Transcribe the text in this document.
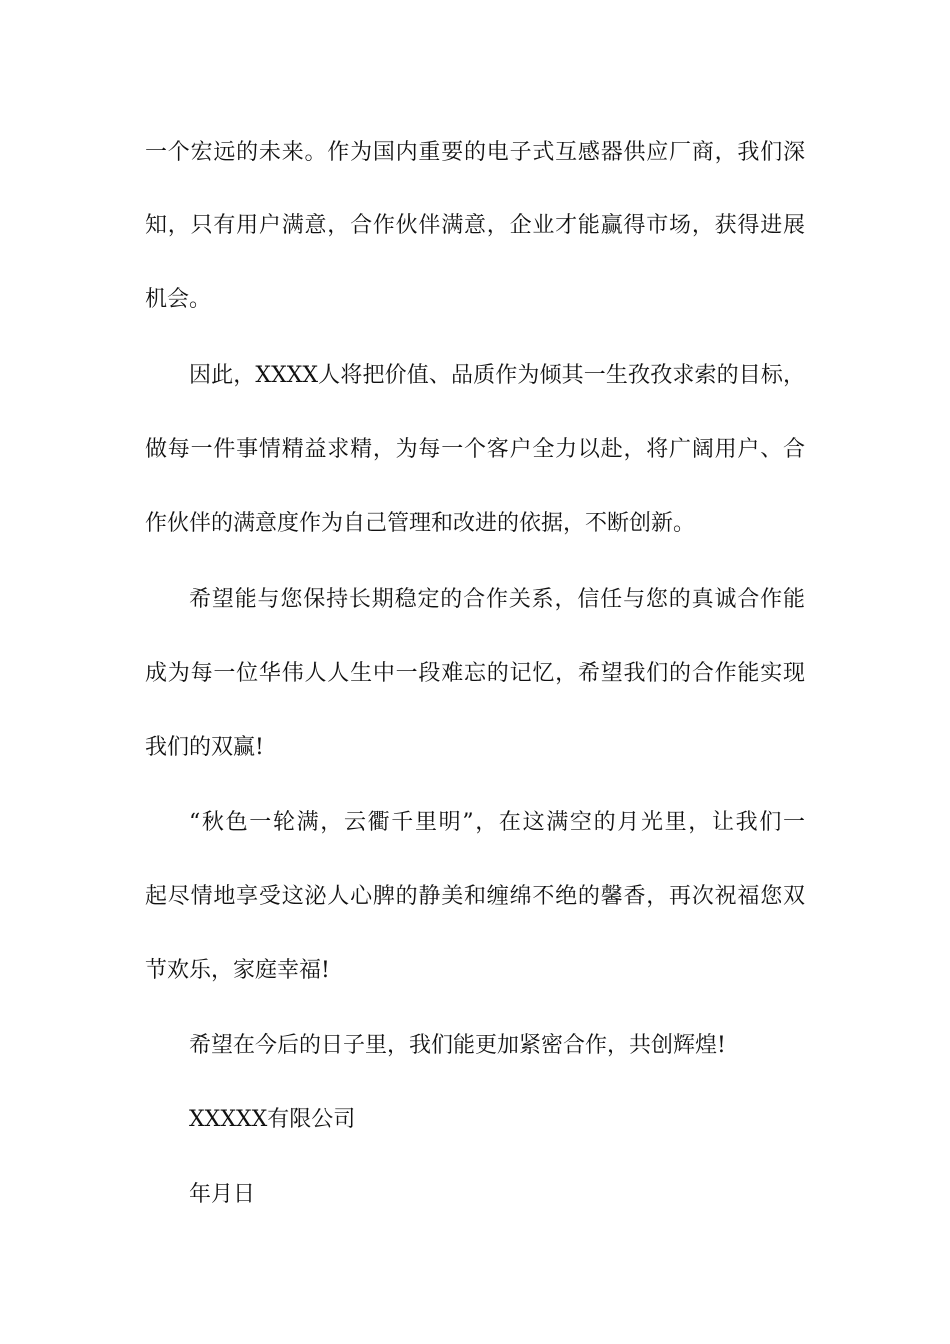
一个宏远的未来。作为国内重要的电子式互感器供应厂商，我们深
知，只有用户满意，合作伙伴满意，企业才能赢得市场，获得进展
机会。
因此，XXXX人将把价值、品质作为倾其一生孜孜求索的目标，
做每一件事情精益求精，为每一个客户全力以赴，将广阔用户、合
作伙伴的满意度作为自己管理和改进的依据，不断创新。
希望能与您保持长期稳定的合作关系，信任与您的真诚合作能
成为每一位华伟人人生中一段难忘的记忆，希望我们的合作能实现
我们的双赢!
“秋色一轮满，云衢千里明”，在这满空的月光里，让我们一
起尽情地享受这泌人心脾的静美和缠绵不绝的馨香，再次祝福您双
节欢乐，家庭幸福!
希望在今后的日子里，我们能更加紧密合作，共创辉煌!
XXXXX有限公司
年月日
